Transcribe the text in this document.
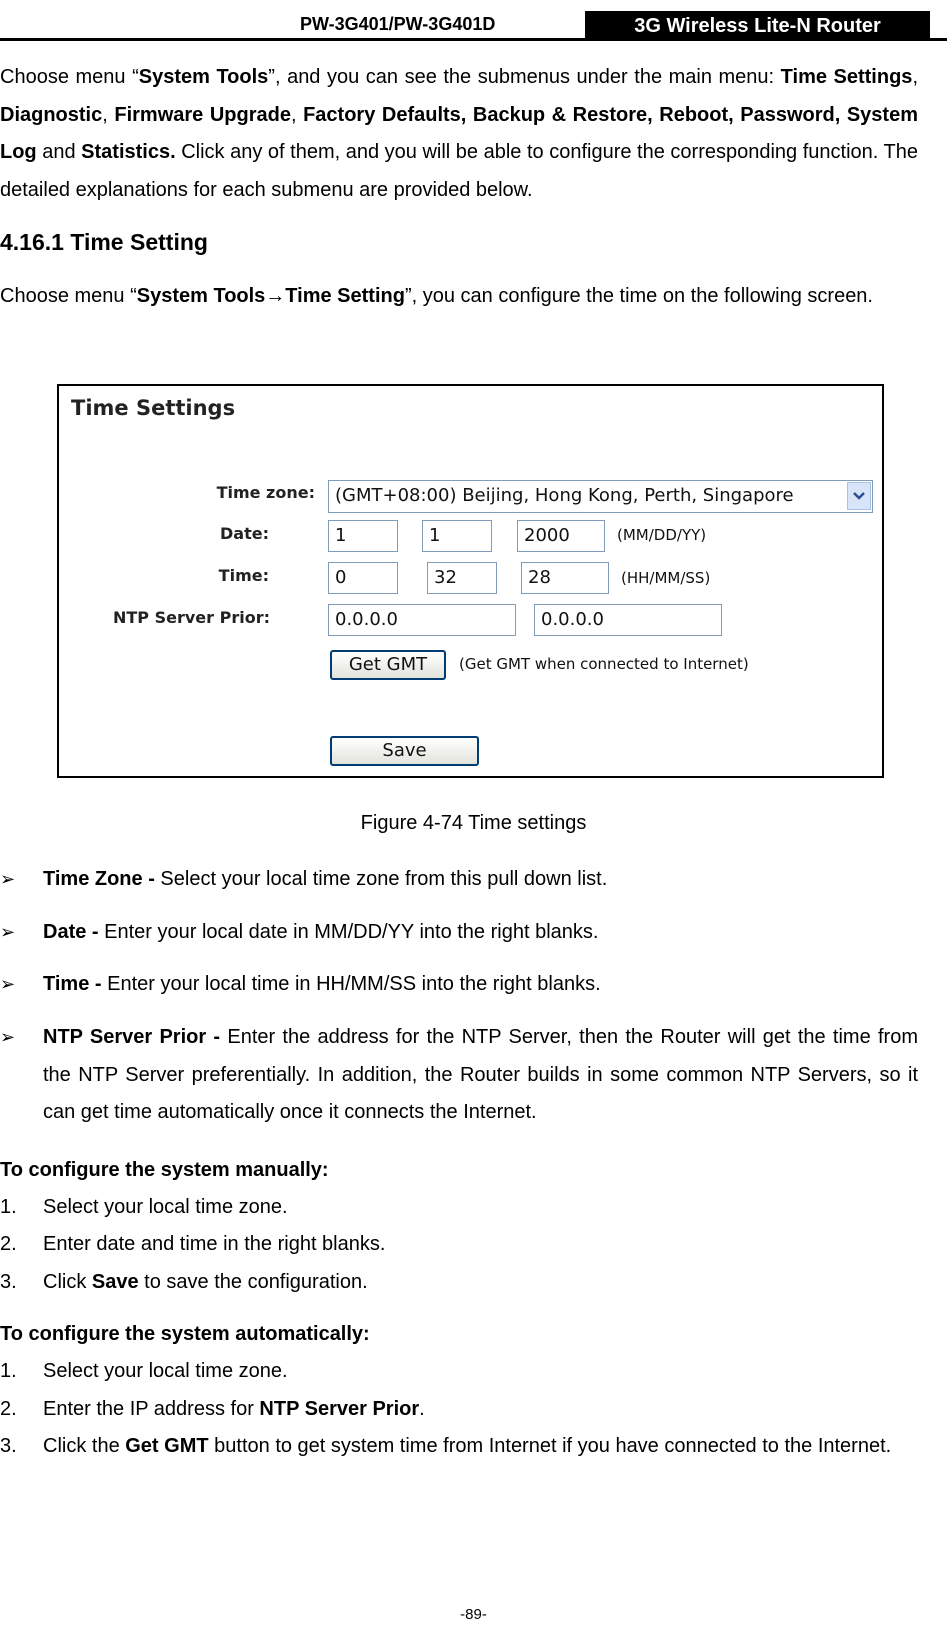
PW-3G401/PW-3G401D	3G Wireless Lite-N Router
Choose menu “System Tools”, and you can see the submenus under the main menu: Time Settings, Diagnostic, Firmware Upgrade, Factory Defaults, Backup & Restore, Reboot, Password, System Log and Statistics. Click any of them, and you will be able to configure the corresponding function. The detailed explanations for each submenu are provided below.
4.16.1 Time Setting
Choose menu “System Tools→Time Setting”, you can configure the time on the following screen.
Time Settings
Time zone:	(GMT+08:00) Beijing, Hong Kong, Perth, Singapore
Date:	1	1	2000	(MM/DD/YY)
Time:	0	32	28	(HH/MM/SS)
NTP Server Prior:	0.0.0.0	0.0.0.0
Get GMT	(Get GMT when connected to Internet)
Save
Figure 4-74 Time settings
➢ Time Zone - Select your local time zone from this pull down list.
➢ Date - Enter your local date in MM/DD/YY into the right blanks.
➢ Time - Enter your local time in HH/MM/SS into the right blanks.
➢ NTP Server Prior - Enter the address for the NTP Server, then the Router will get the time from the NTP Server preferentially. In addition, the Router builds in some common NTP Servers, so it can get time automatically once it connects the Internet.
To configure the system manually:
1. Select your local time zone.
2. Enter date and time in the right blanks.
3. Click Save to save the configuration.
To configure the system automatically:
1. Select your local time zone.
2. Enter the IP address for NTP Server Prior.
3. Click the Get GMT button to get system time from Internet if you have connected to the Internet.
-89-
